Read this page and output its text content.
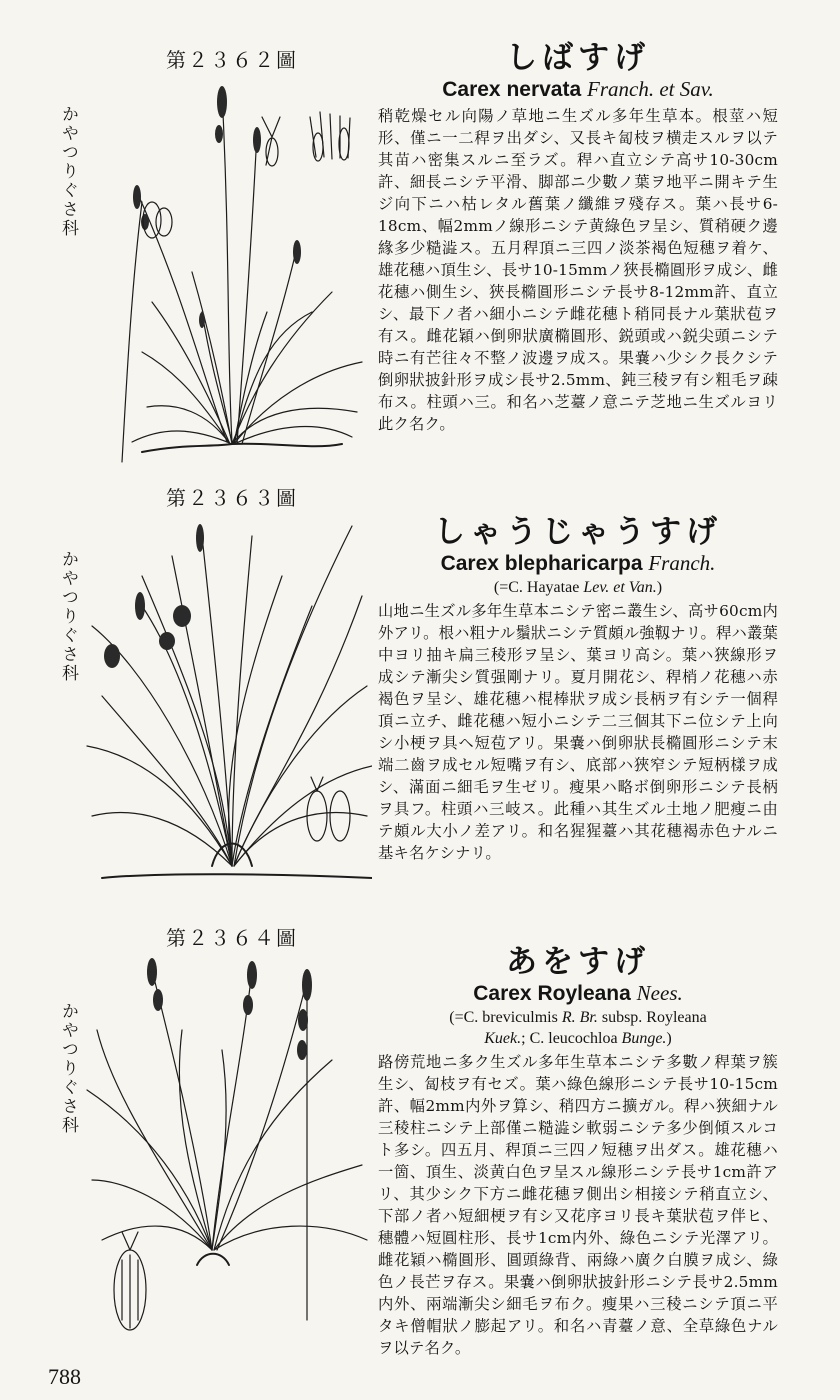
第２３６２圖
かやつりぐさ科
しばすげ
Carex nervata Franch. et Sav.
稍乾燥セル向陽ノ草地ニ生ズル多年生草本。根莖ハ短形、僅ニ一二稈ヲ出ダシ、又長キ匐枝ヲ横走スルヲ以テ其苗ハ密集スルニ至ラズ。稈ハ直立シテ高サ10-30cm許、細長ニシテ平滑、脚部ニ少數ノ葉ヲ地平ニ開キテ生ジ向下ニハ枯レタル舊葉ノ纖維ヲ殘存ス。葉ハ長サ6-18cm、幅2mmノ線形ニシテ黄綠色ヲ呈シ、質稍硬ク邊緣多少糙澁ス。五月稈頂ニ三四ノ淡茶褐色短穗ヲ着ケ、雄花穗ハ頂生シ、長サ10-15mmノ狹長橢圓形ヲ成シ、雌花穗ハ側生シ、狹長橢圓形ニシテ長サ8-12mm許、直立シ、最下ノ者ハ細小ニシテ雌花穗ト稍同長ナル葉狀苞ヲ有ス。雌花穎ハ倒卵狀廣橢圓形、鋭頭或ハ鋭尖頭ニシテ時ニ有芒往々不整ノ波邊ヲ成ス。果嚢ハ少シク長クシテ倒卵狀披針形ヲ成シ長サ2.5mm、鈍三稜ヲ有シ粗毛ヲ疎布ス。柱頭ハ三。和名ハ芝薹ノ意ニテ芝地ニ生ズルヨリ此ク名ク。
第２３６３圖
かやつりぐさ科
しゃうじゃうすげ
Carex blepharicarpa Franch.
(=C. Hayatae Lev. et Van.)
山地ニ生ズル多年生草本ニシテ密ニ叢生シ、高サ60cm内外アリ。根ハ粗ナル鬚狀ニシテ質頗ル強靱ナリ。稈ハ叢葉中ヨリ抽キ扁三稜形ヲ呈シ、葉ヨリ高シ。葉ハ狹線形ヲ成シテ漸尖シ質强剛ナリ。夏月開花シ、稈梢ノ花穗ハ赤褐色ヲ呈シ、雄花穗ハ棍棒狀ヲ成シ長柄ヲ有シテ一個稈頂ニ立チ、雌花穗ハ短小ニシテ二三個其下ニ位シテ上向シ小梗ヲ具ヘ短苞アリ。果嚢ハ倒卵狀長橢圓形ニシテ末端二齒ヲ成セル短嘴ヲ有シ、底部ハ狹窄シテ短柄樣ヲ成シ、滿面ニ細毛ヲ生ゼリ。瘦果ハ略ボ倒卵形ニシテ長柄ヲ具フ。柱頭ハ三岐ス。此種ハ其生ズル土地ノ肥瘦ニ由テ頗ル大小ノ差アリ。和名猩猩薹ハ其花穗褐赤色ナルニ基キ名ケシナリ。
第２３６４圖
かやつりぐさ科
あをすげ
Carex Royleana Nees.
(=C. breviculmis R. Br. subsp. Royleana
Kuek.; C. leucochloa Bunge.)
路傍荒地ニ多ク生ズル多年生草本ニシテ多數ノ稈葉ヲ簇生シ、匐枝ヲ有セズ。葉ハ綠色線形ニシテ長サ10-15cm許、幅2mm内外ヲ算シ、稍四方ニ擴ガル。稈ハ狹細ナル三稜柱ニシテ上部僅ニ糙澁シ軟弱ニシテ多少倒傾スルコト多シ。四五月、稈頂ニ三四ノ短穗ヲ出ダス。雄花穗ハ一箇、頂生、淡黄白色ヲ呈スル線形ニシテ長サ1cm許アリ、其少シク下方ニ雌花穗ヲ側出シ相接シテ稍直立シ、下部ノ者ハ短細梗ヲ有シ又花序ヨリ長キ葉狀苞ヲ伴ヒ、穗體ハ短圓柱形、長サ1cm内外、綠色ニシテ光澤アリ。雌花穎ハ橢圓形、圓頭綠背、兩綠ハ廣ク白膜ヲ成シ、綠色ノ長芒ヲ存ス。果嚢ハ倒卵狀披針形ニシテ長サ2.5mm内外、兩端漸尖シ細毛ヲ布ク。瘦果ハ三稜ニシテ頂ニ平タキ僧帽狀ノ膨起アリ。和名ハ青薹ノ意、全草綠色ナルヲ以テ名ク。
788
